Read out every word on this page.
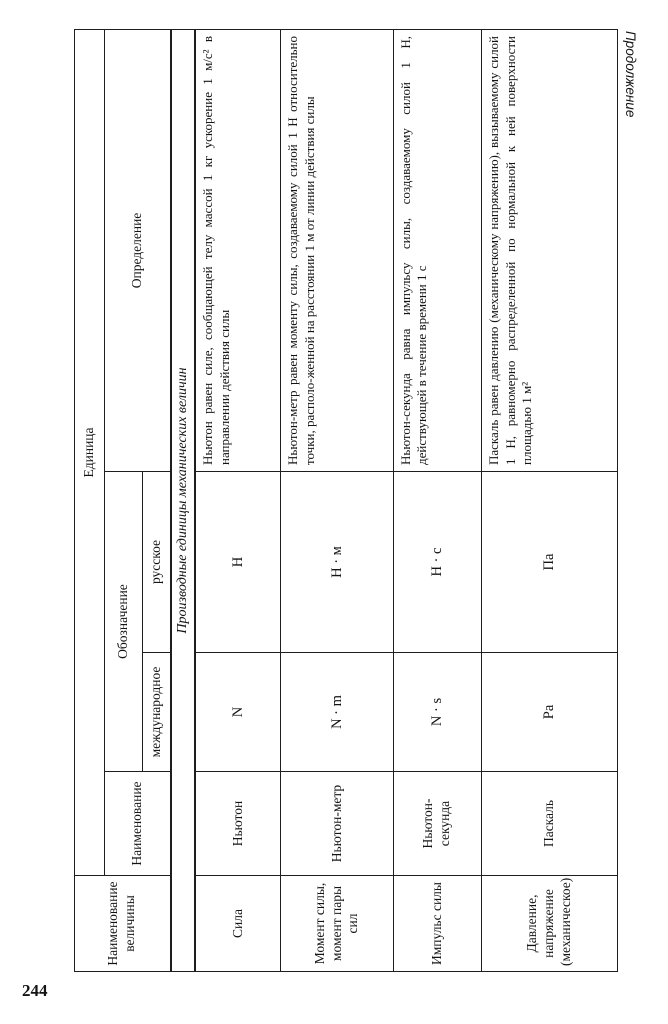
244
Продолжение
Наименование величины	Единица			
	Наименование	Обозначение		Определение
		международное	русское	
Производные единицы механических величин				
Сила	Ньютон	N	Н	Ньютон равен силе, сообщающей телу массой 1 кг ускорение 1 м/с² в направлении действия силы
Момент силы, момент пары сил	Ньютон-метр	N · m	Н · м	Ньютон-метр равен моменту силы, создаваемому силой 1 Н относительно точки, располо-женной на расстоянии 1 м от линии действия силы
Импульс силы	Ньютон-секунда	N · s	Н · с	Ньютон-секунда равна импульсу силы, создаваемому силой 1 Н, действующей в течение времени 1 с
Давление, напряжение (механическое)	Паскаль	Pa	Па	Паскаль равен давлению (механическому напряжению), вызываемому силой 1 Н, равномерно распределенной по нормальной к ней поверхности площадью 1 м²
